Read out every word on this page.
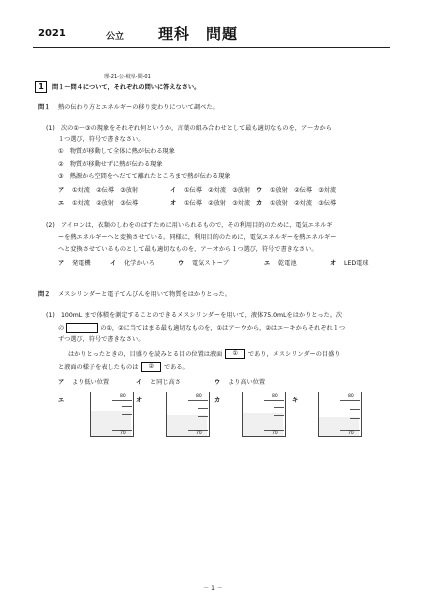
2021	公立 理科　問題
理-21-公-岐阜-問-01
1	問１～問４について，それぞれの問いに答えなさい。
問１ 熱の伝わり方とエネルギーの移り変わりについて調べた。
(1)　次の①～③の現象をそれぞれ何というか，言葉の組み合わせとして最も適切なものを，ア～カから
１つ選び，符号で書きなさい。
①　物質が移動して全体に熱が伝わる現象
②　物質が移動せずに熱が伝わる現象
③　熱源から空間をへだてて離れたところまで熱が伝わる現象
ア ①対流　②伝導　③放射	イ ①伝導　②対流　③放射 ウ ①放射　②伝導　③対流
エ ①対流　②放射　③伝導	オ ①伝導　②放射　③対流 カ ①放射　②対流　③伝導
(2)　アイロンは，衣類のしわをのばすために用いられるもので，その利用目的のために，電気エネルギ
ーを熱エネルギーへと変換させている。同様に，利用目的のために，電気エネルギーを熱エネルギー
へと変換させているものとして最も適切なものを，ア～オから１つ選び，符号で書きなさい。
ア 発電機	イ 化学かいろ	ウ 電気ストーブ	エ 乾電池	オ LED電球
問２ メスシリンダーと電子てんびんを用いて物質をはかりとった。
(1)　100mL まで体積を測定することのできるメスシリンダーを用いて，液体75.0mLをはかりとった。次
の	の①，②に当てはまる最も適切なものを，①はア～ウから，②はエ～キからそれぞれ１つ
ずつ選び，符号で書きなさい。
はかりとったときの，目盛りを読みとる目の位置は液面 ① であり，メスシリンダーの目盛り
と液面の様子を表したものは ② である。
ア より低い位置	イ と同じ高さ	ウ より高い位置
エ
80
70
オ
80
70
カ
80
70
キ
80
70
－ 1 －
